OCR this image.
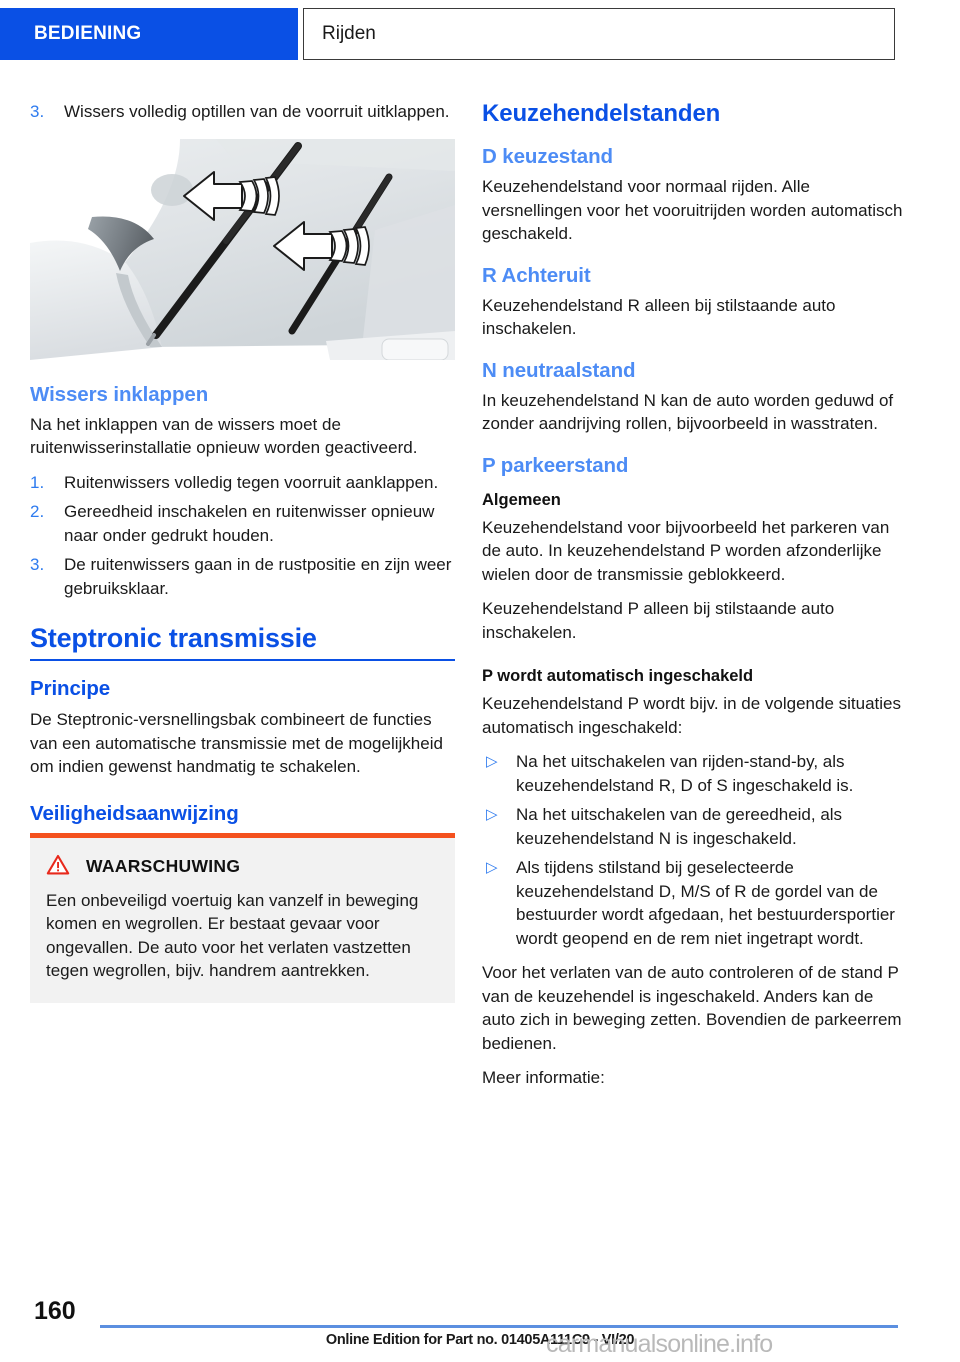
BEDIENING	Rijden
3. Wissers volledig optillen van de voorruit uitklappen.
Wissers inklappen

Na het inklappen van de wissers moet de ruitenwisserinstallatie opnieuw worden geactiveerd.

1. Ruitenwissers volledig tegen voorruit aanklappen.
2. Gereedheid inschakelen en ruitenwisser opnieuw naar onder gedrukt houden.
3. De ruitenwissers gaan in de rustpositie en zijn weer gebruiksklaar.
Steptronic transmissie
Principe

De Steptronic-versnellingsbak combineert de functies van een automatische transmissie met de mogelijkheid om indien gewenst handmatig te schakelen.

Veiligheidsaanwijzing
WAARSCHUWING

Een onbeveiligd voertuig kan vanzelf in beweging komen en wegrollen. Er bestaat gevaar voor ongevallen. De auto voor het verlaten vastzetten tegen wegrollen, bijv. handrem aantrekken.

Keuzehendelstanden
D keuzestand

Keuzehendelstand voor normaal rijden. Alle versnellingen voor het vooruitrijden worden automatisch geschakeld.

R Achteruit

Keuzehendelstand R alleen bij stilstaande auto inschakelen.

N neutraalstand

In keuzehendelstand N kan de auto worden geduwd of zonder aandrijving rollen, bijvoorbeeld in wasstraten.

P parkeerstand
Algemeen

Keuzehendelstand voor bijvoorbeeld het parkeren van de auto. In keuzehendelstand P worden afzonderlijke wielen door de transmissie geblokkeerd.

Keuzehendelstand P alleen bij stilstaande auto inschakelen.

P wordt automatisch ingeschakeld

Keuzehendelstand P wordt bijv. in de volgende situaties automatisch ingeschakeld:

▷ Na het uitschakelen van rijden-stand-by, als keuzehendelstand R, D of S ingeschakeld is.
▷ Na het uitschakelen van de gereedheid, als keuzehendelstand N is ingeschakeld.
▷ Als tijdens stilstand bij geselecteerde keuzehendelstand D, M/S of R de gordel van de bestuurder wordt afgedaan, het bestuurdersportier wordt geopend en de rem niet ingetrapt wordt.

Voor het verlaten van de auto controleren of de stand P van de keuzehendel is ingeschakeld. Anders kan de auto zich in beweging zetten. Bovendien de parkeerrem bedienen.

Meer informatie:

160
Online Edition for Part no. 01405A111C9 - VI/20
carmanualsonline.info
